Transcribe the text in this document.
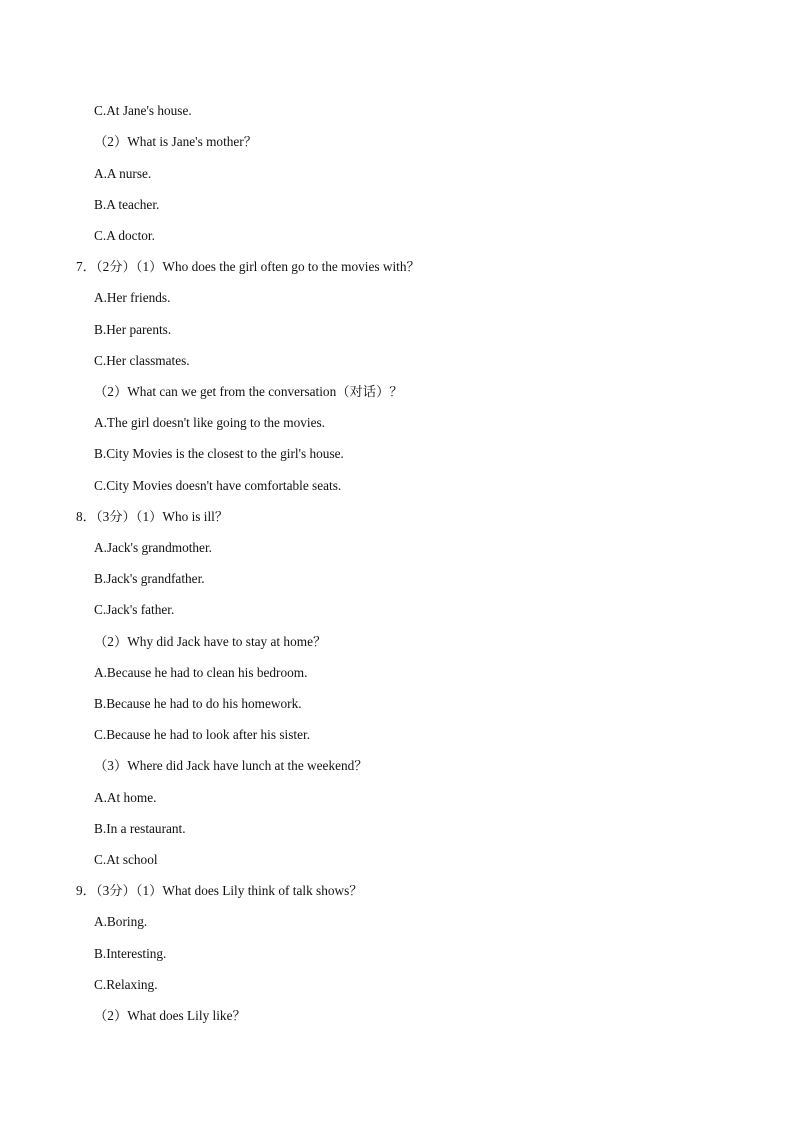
C.At Jane's house.
（2）What is Jane's mother？
A.A nurse.
B.A teacher.
C.A doctor.
7．（2分）（1）Who does the girl often go to the movies with？
A.Her friends.
B.Her parents.
C.Her classmates.
（2）What can we get from the conversation（对话）？
A.The girl doesn't like going to the movies.
B.City Movies is the closest to the girl's house.
C.City Movies doesn't have comfortable seats.
8．（3分）（1）Who is ill？
A.Jack's grandmother.
B.Jack's grandfather.
C.Jack's father.
（2）Why did Jack have to stay at home？
A.Because he had to clean his bedroom.
B.Because he had to do his homework.
C.Because he had to look after his sister.
（3）Where did Jack have lunch at the weekend？
A.At home.
B.In a restaurant.
C.At school
9．（3分）（1）What does Lily think of talk shows？
A.Boring.
B.Interesting.
C.Relaxing.
（2）What does Lily like？
